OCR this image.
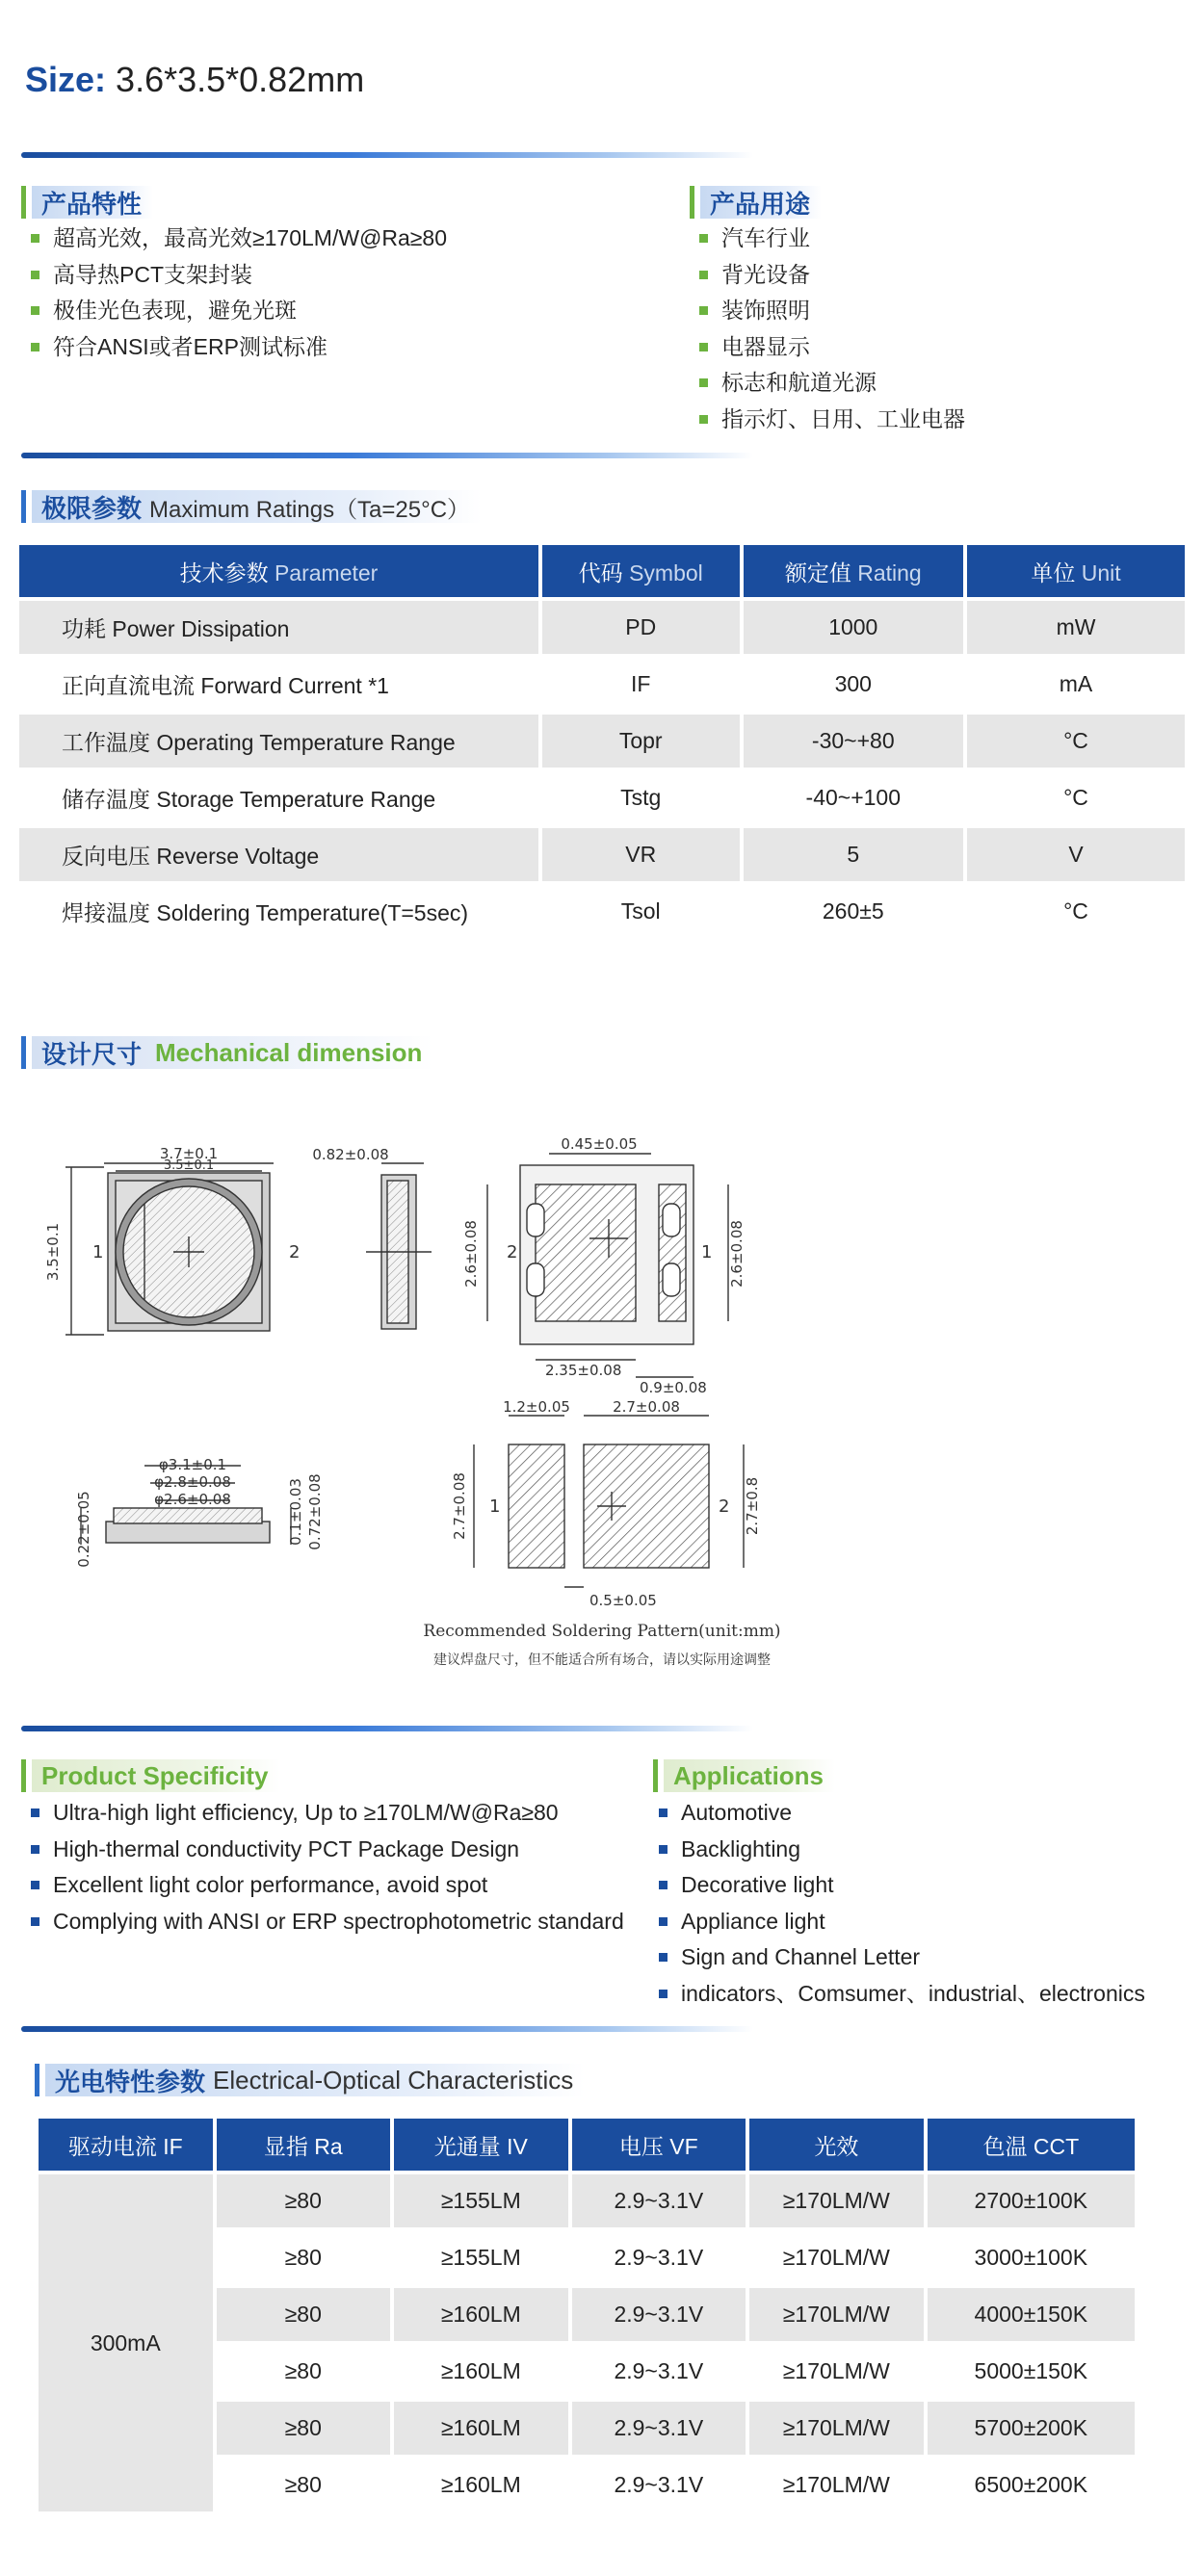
Size: 3.6*3.5*0.82mm
产品特性
超高光效，最高光效≥170LM/W@Ra≥80
高导热PCT支架封装
极佳光色表现，避免光斑
符合ANSI或者ERP测试标准
产品用途
汽车行业
背光设备
装饰照明
电器显示
标志和航道光源
指示灯、日用、工业电器
极限参数 Maximum Ratings（Ta=25°C）
技术参数 Parameter	代码 Symbol	额定值 Rating	单位 Unit
功耗 Power Dissipation	PD	1000	mW
正向直流电流 Forward Current *1	IF	300	mA
工作温度 Operating Temperature Range	Topr	-30~+80	°C
储存温度 Storage Temperature Range	Tstg	-40~+100	°C
反向电压 Reverse Voltage	VR	5	V
焊接温度 Soldering Temperature(T=5sec)	Tsol	260±5	°C
设计尺寸 Mechanical dimension
3.7±0.1
3.5±0.1
3.5±0.1 1	2
0.82±0.08
0.45±0.05
2.6±0.08	2.6±0.08
2	1
2.35±0.08
0.9±0.08
φ3.1±0.1
φ2.8±0.08
φ2.6±0.08
0.22±0.05	0.1±0.03 0.72±0.08
1.2±0.05	2.7±0.08
2.7±0.08	2.7±0.8
1	2
0.5±0.05
Recommended Soldering Pattern(unit:mm)
建议焊盘尺寸，但不能适合所有场合，请以实际用途调整
Product Specificity
Ultra-high light efficiency, Up to ≥170LM/W@Ra≥80
High-thermal conductivity PCT Package Design
Excellent light color performance, avoid spot
Complying with ANSI or ERP spectrophotometric standard
Applications
Automotive
Backlighting
Decorative light
Appliance light
Sign and Channel Letter
indicators、Comsumer、industrial、electronics
光电特性参数 Electrical-Optical Characteristics
驱动电流 IF	显指 Ra	光通量 IV	电压 VF	光效	色温 CCT
300mA	≥80	≥155LM	2.9~3.1V	≥170LM/W	2700±100K
	≥80	≥155LM	2.9~3.1V	≥170LM/W	3000±100K
	≥80	≥160LM	2.9~3.1V	≥170LM/W	4000±150K
	≥80	≥160LM	2.9~3.1V	≥170LM/W	5000±150K
	≥80	≥160LM	2.9~3.1V	≥170LM/W	5700±200K
	≥80	≥160LM	2.9~3.1V	≥170LM/W	6500±200K
